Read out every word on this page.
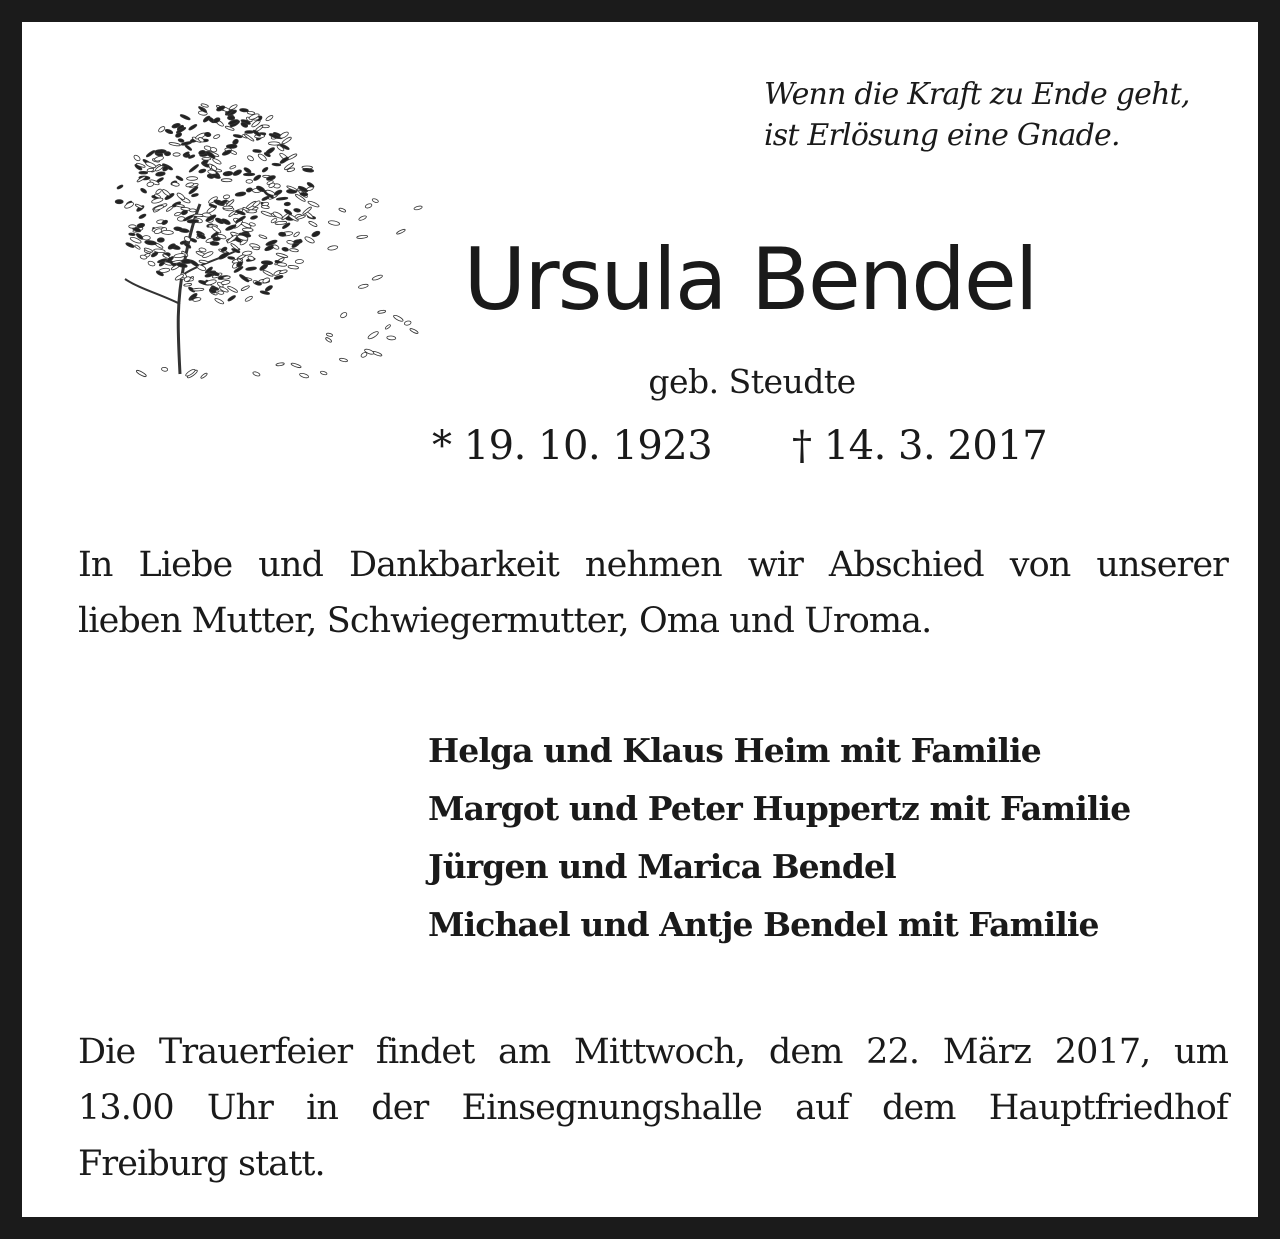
Wenn die Kraft zu Ende geht,
ist Erlösung eine Gnade.
Ursula Bendel
geb. Steudte
* 19. 10. 1923 † 14. 3. 2017
In Liebe und Dankbarkeit nehmen wir Abschied von unserer
lieben Mutter, Schwiegermutter, Oma und Uroma.
Helga und Klaus Heim mit Familie
Margot und Peter Huppertz mit Familie
Jürgen und Marica Bendel
Michael und Antje Bendel mit Familie
Die Trauerfeier findet am Mittwoch, dem 22. März 2017, um
13.00 Uhr in der Einsegnungshalle auf dem Hauptfriedhof
Freiburg statt.
